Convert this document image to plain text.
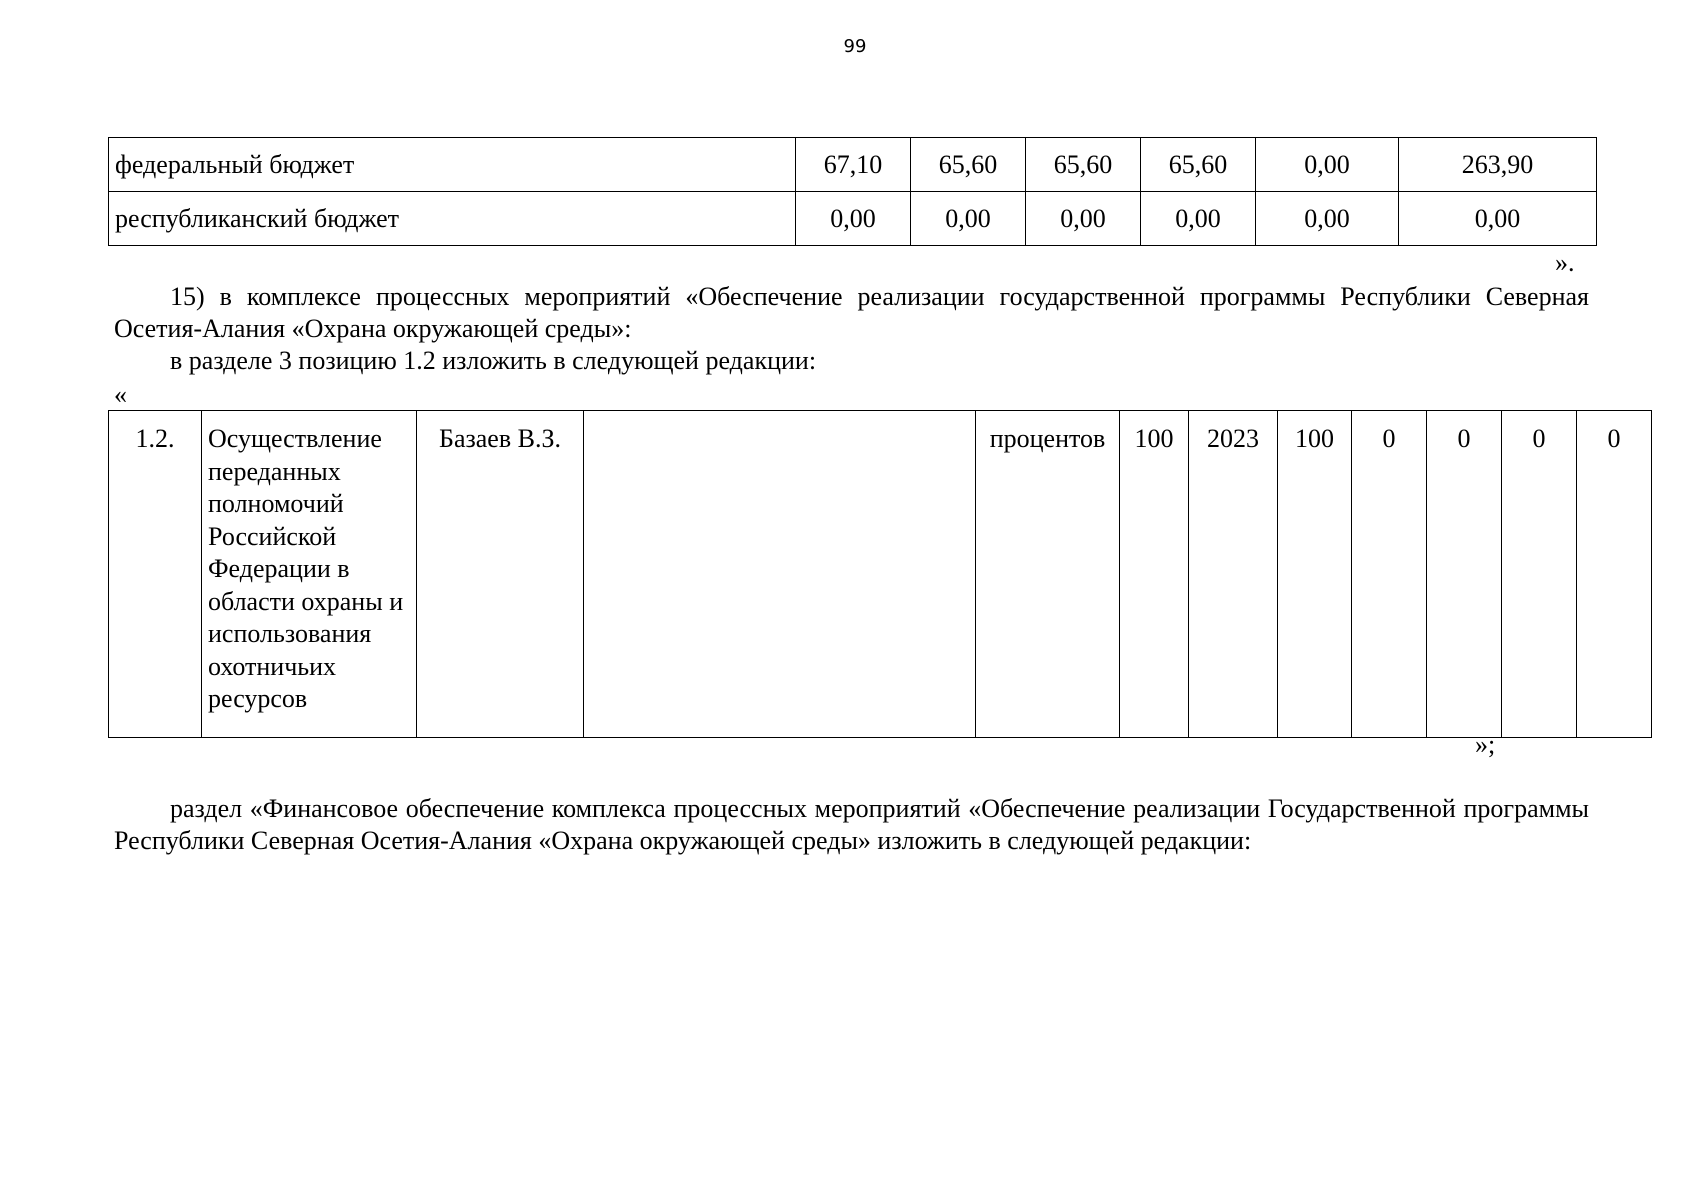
99
федеральный бюджет	67,10	65,60	65,60	65,60	0,00	263,90
республиканский бюджет	0,00	0,00	0,00	0,00	0,00	0,00
».
15) в комплексе процессных мероприятий «Обеспечение реализации государственной программы Республики Северная Осетия-Алания «Охрана окружающей среды»:
в разделе 3 позицию 1.2 изложить в следующей редакции:
«
1.2.	Осуществление переданных полномочий Российской Федерации в области охраны и использования охотничьих ресурсов	Базаев В.З.		процентов	100	2023	100	0	0	0	0
»;
раздел «Финансовое обеспечение комплекса процессных мероприятий «Обеспечение реализации Государственной программы Республики Северная Осетия-Алания «Охрана окружающей среды» изложить в следующей редакции:
